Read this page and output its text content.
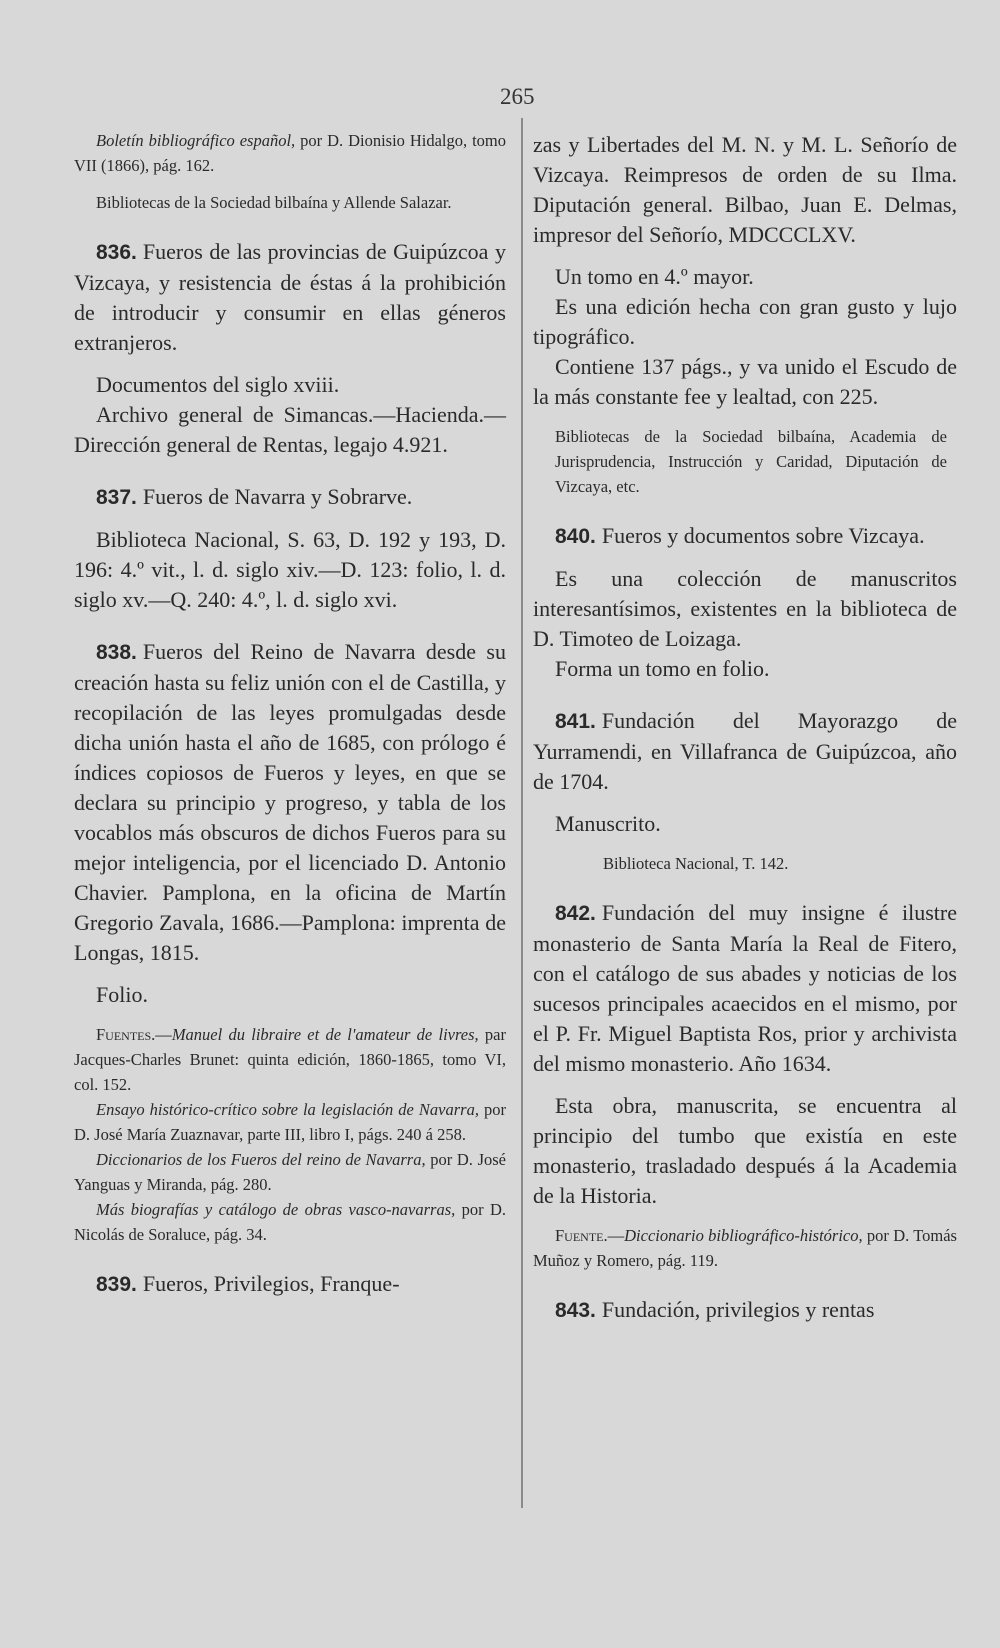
265

Boletín bibliográfico español, por D. Dionisio Hidalgo, tomo VII (1866), pág. 162.

Bibliotecas de la Sociedad bilbaína y Allende Salazar.

836. Fueros de las provincias de Guipúzcoa y Vizcaya, y resistencia de éstas á la prohibición de introducir y consumir en ellas géneros extranjeros.

Documentos del siglo xviii.

Archivo general de Simancas.—Hacienda.—Dirección general de Rentas, legajo 4.921.

837. Fueros de Navarra y Sobrarve.

Biblioteca Nacional, S. 63, D. 192 y 193, D. 196: 4.º vit., l. d. siglo xiv.—D. 123: folio, l. d. siglo xv.—Q. 240: 4.º, l. d. siglo xvi.

838. Fueros del Reino de Navarra desde su creación hasta su feliz unión con el de Castilla, y recopilación de las leyes promulgadas desde dicha unión hasta el año de 1685, con prólogo é índices copiosos de Fueros y leyes, en que se declara su principio y progreso, y tabla de los vocablos más obscuros de dichos Fueros para su mejor inteligencia, por el licenciado D. Antonio Chavier. Pamplona, en la oficina de Martín Gregorio Zavala, 1686.—Pamplona: imprenta de Longas, 1815.

Folio.

Fuentes.—Manuel du libraire et de l'amateur de livres, par Jacques-Charles Brunet: quinta edición, 1860-1865, tomo VI, col. 152.

Ensayo histórico-crítico sobre la legislación de Navarra, por D. José María Zuaznavar, parte III, libro I, págs. 240 á 258.

Diccionarios de los Fueros del reino de Navarra, por D. José Yanguas y Miranda, pág. 280.

Más biografías y catálogo de obras vasco-navarras, por D. Nicolás de Soraluce, pág. 34.

839. Fueros, Privilegios, Franque-

zas y Libertades del M. N. y M. L. Señorío de Vizcaya. Reimpresos de orden de su Ilma. Diputación general. Bilbao, Juan E. Delmas, impresor del Señorío, MDCCCLXV.

Un tomo en 4.º mayor.

Es una edición hecha con gran gusto y lujo tipográfico.

Contiene 137 págs., y va unido el Escudo de la más constante fee y lealtad, con 225.

Bibliotecas de la Sociedad bilbaína, Academia de Jurisprudencia, Instrucción y Caridad, Diputación de Vizcaya, etc.

840. Fueros y documentos sobre Vizcaya.

Es una colección de manuscritos interesantísimos, existentes en la biblioteca de D. Timoteo de Loizaga.

Forma un tomo en folio.

841. Fundación del Mayorazgo de Yurramendi, en Villafranca de Guipúzcoa, año de 1704.

Manuscrito.

Biblioteca Nacional, T. 142.

842. Fundación del muy insigne é ilustre monasterio de Santa María la Real de Fitero, con el catálogo de sus abades y noticias de los sucesos principales acaecidos en el mismo, por el P. Fr. Miguel Baptista Ros, prior y archivista del mismo monasterio. Año 1634.

Esta obra, manuscrita, se encuentra al principio del tumbo que existía en este monasterio, trasladado después á la Academia de la Historia.

Fuente.—Diccionario bibliográfico-histórico, por D. Tomás Muñoz y Romero, pág. 119.

843. Fundación, privilegios y rentas
